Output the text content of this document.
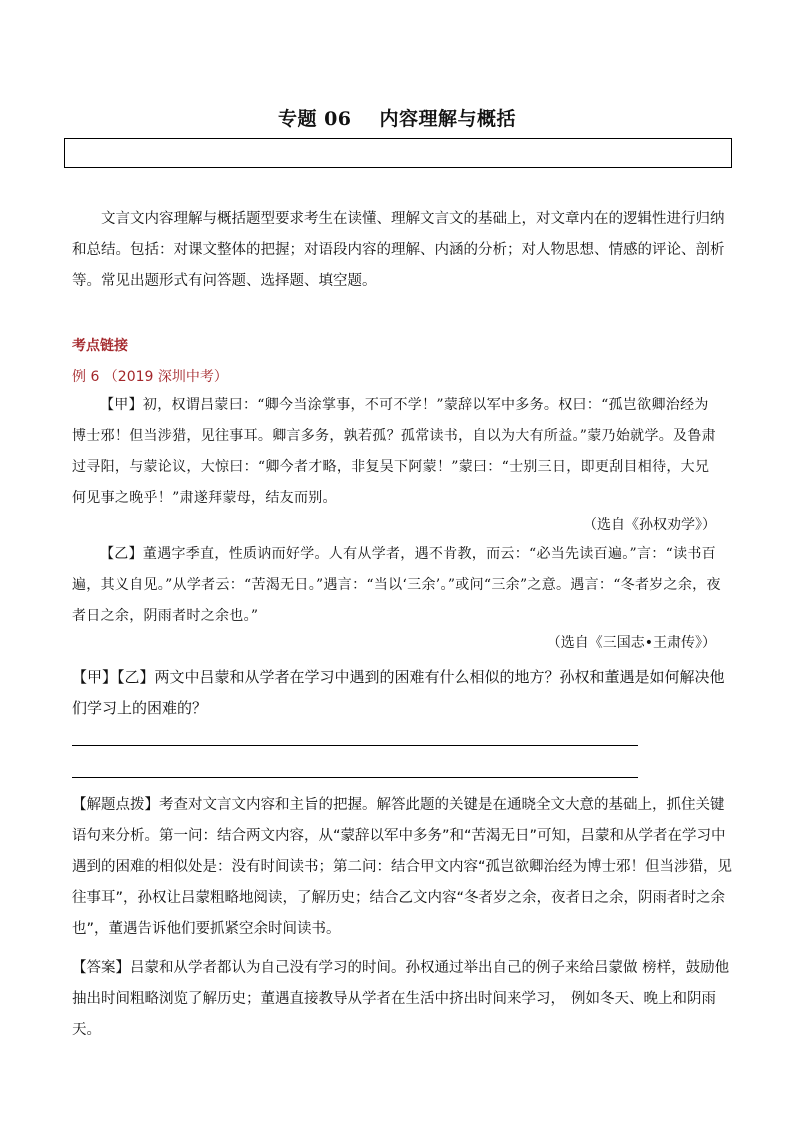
专题 06 内容理解与概括
文言文内容理解与概括题型要求考生在读懂、理解文言文的基础上，对文章内在的逻辑性进行归纳和总结。包括：对课文整体的把握；对语段内容的理解、内涵的分析；对人物思想、情感的评论、剖析等。常见出题形式有问答题、选择题、填空题。
考点链接
例 6 （2019 深圳中考）
【甲】初，权谓吕蒙曰：“卿今当涂掌事，不可不学！”蒙辞以军中多务。权曰：“孤岂欲卿治经为博士邪！但当涉猎，见往事耳。卿言多务，孰若孤？孤常读书，自以为大有所益。”蒙乃始就学。及鲁肃过寻阳，与蒙论议，大惊曰：“卿今者才略，非复吴下阿蒙！”蒙曰：“士别三日，即更刮目相待，大兄何见事之晚乎！”肃遂拜蒙母，结友而别。
（选自《孙权劝学》）
【乙】董遇字季直，性质讷而好学。人有从学者，遇不肯教，而云：“必当先读百遍。”言：“读书百遍，其义自见。”从学者云：“苦渴无日。”遇言：“当以‘三余’。”或问“三余”之意。遇言：“冬者岁之余，夜者日之余，阴雨者时之余也。”
（选自《三国志•王肃传》）
【甲】【乙】两文中吕蒙和从学者在学习中遇到的困难有什么相似的地方？孙权和董遇是如何解决他们学习上的困难的？
【解题点拨】考查对文言文内容和主旨的把握。解答此题的关键是在通晓全文大意的基础上，抓住关键语句来分析。第一问：结合两文内容，从“蒙辞以军中多务”和“苦渴无日”可知，吕蒙和从学者在学习中遇到的困难的相似处是：没有时间读书；第二问：结合甲文内容“孤岂欲卿治经为博士邪！但当涉猎，见往事耳”，孙权让吕蒙粗略地阅读，了解历史；结合乙文内容“冬者岁之余，夜者日之余，阴雨者时之余也”，董遇告诉他们要抓紧空余时间读书。
【答案】吕蒙和从学者都认为自己没有学习的时间。孙权通过举出自己的例子来给吕蒙做 榜样，鼓励他抽出时间粗略浏览了解历史；董遇直接教导从学者在生活中挤出时间来学习， 例如冬天、晚上和阴雨天。
